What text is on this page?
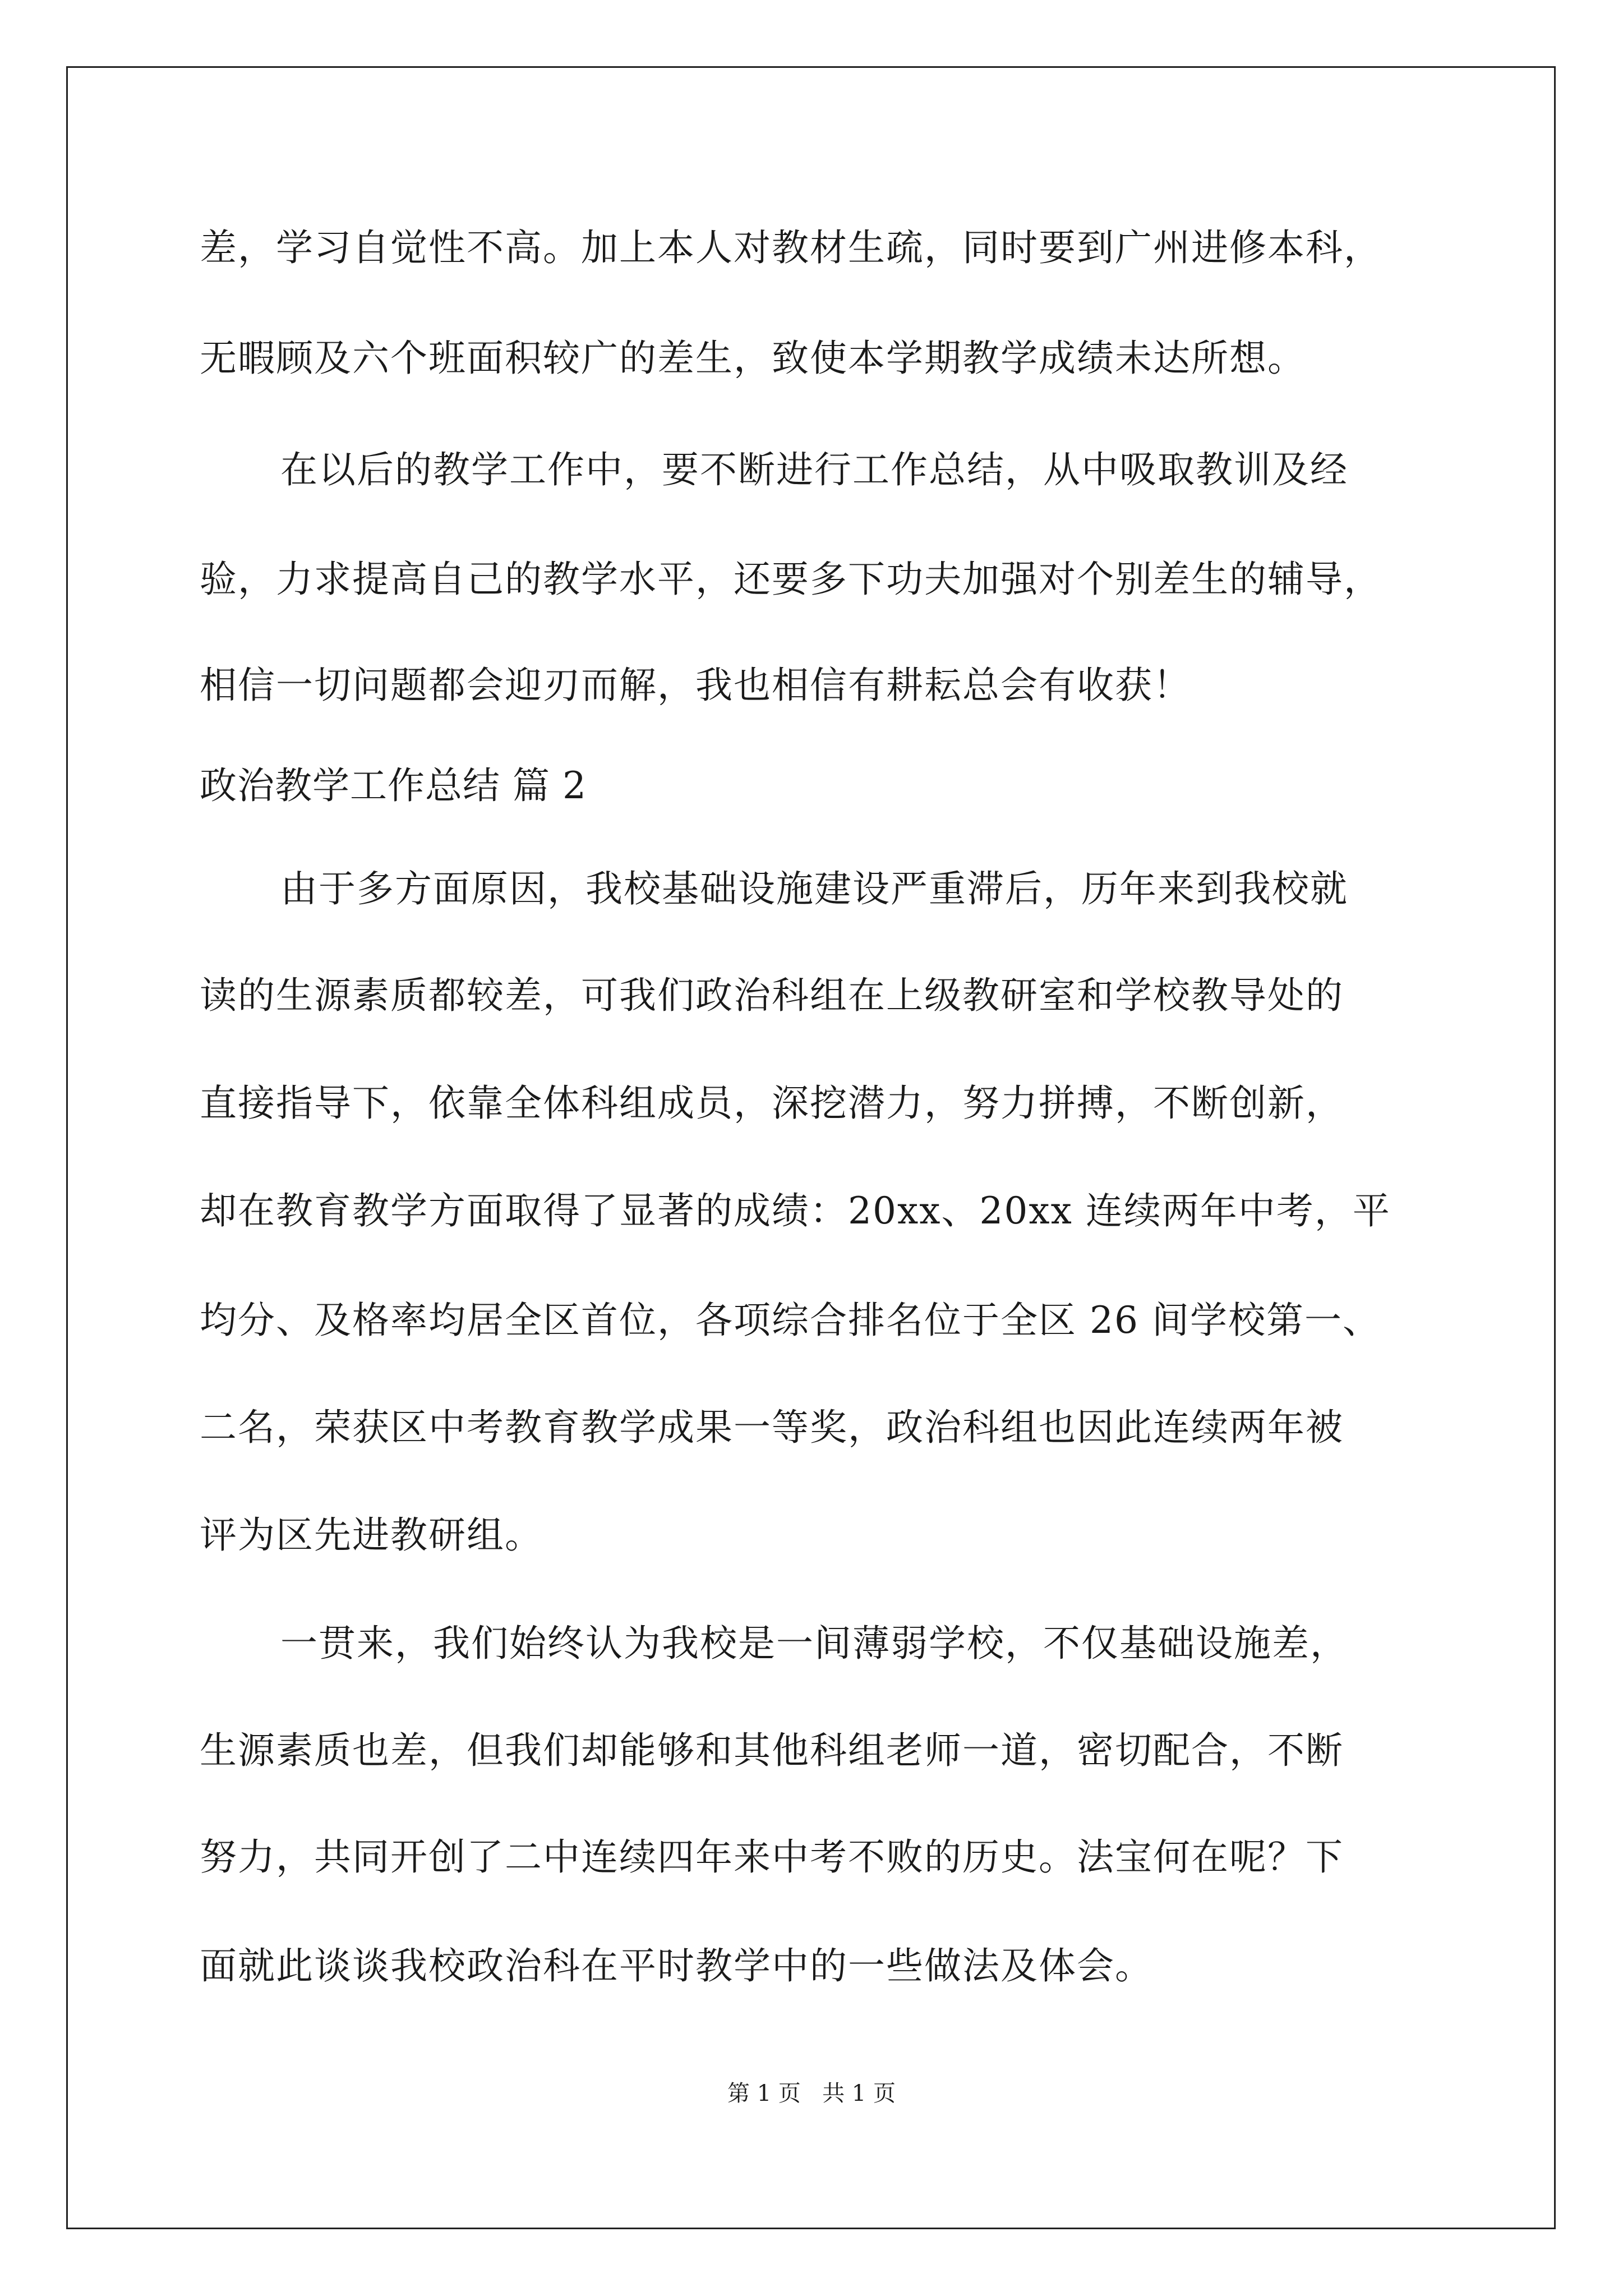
差，学习自觉性不高。加上本人对教材生疏，同时要到广州进修本科，
无暇顾及六个班面积较广的差生，致使本学期教学成绩未达所想。
在以后的教学工作中，要不断进行工作总结，从中吸取教训及经
验，力求提高自己的教学水平，还要多下功夫加强对个别差生的辅导，
相信一切问题都会迎刃而解，我也相信有耕耘总会有收获！
政治教学工作总结 篇 2
由于多方面原因，我校基础设施建设严重滞后，历年来到我校就
读的生源素质都较差，可我们政治科组在上级教研室和学校教导处的
直接指导下，依靠全体科组成员，深挖潜力，努力拼搏，不断创新，
却在教育教学方面取得了显著的成绩：20xx、20xx 连续两年中考，平
均分、及格率均居全区首位，各项综合排名位于全区 26 间学校第一、
二名，荣获区中考教育教学成果一等奖，政治科组也因此连续两年被
评为区先进教研组。
一贯来，我们始终认为我校是一间薄弱学校，不仅基础设施差，
生源素质也差，但我们却能够和其他科组老师一道，密切配合，不断
努力，共同开创了二中连续四年来中考不败的历史。法宝何在呢？下
面就此谈谈我校政治科在平时教学中的一些做法及体会。
第 1 页   共 1 页
